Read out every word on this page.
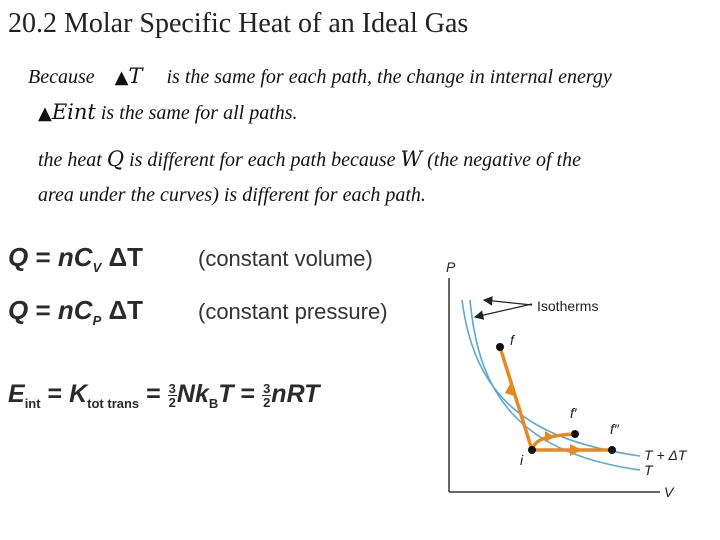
20.2 Molar Specific Heat of an Ideal Gas
Because ▲T is the same for each path, the change in internal energy
▲Eint is the same for all paths.
the heat Q is different for each path because W (the negative of the
area under the curves) is different for each path.
$Q = nC_V$ ΔT (constant volume)
$Q = nC_P$ ΔT (constant pressure)
$E_{int} = K_{tot trans} = \frac{3}{2} Nk_BT = \frac{3}{2}$ nRT
P
V
Isotherms
f
f′
f″
i	T + ΔT
T
